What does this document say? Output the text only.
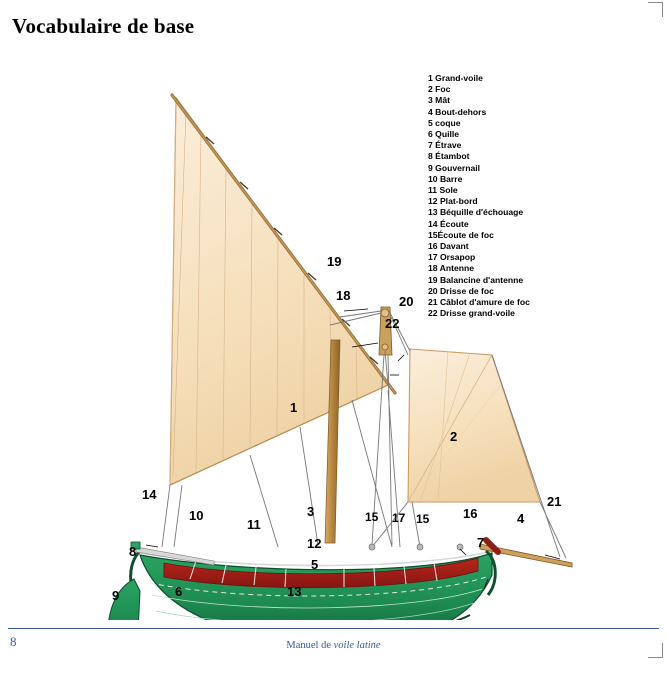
Vocabulaire de base
1 Grand-voile
2 Foc
3 Mât
4 Bout-dehors
5 coque
6 Quille
7 Étrave
8 Étambot
9 Gouvernail
10 Barre
11 Sole
12 Plat-bord
13 Béquille d'échouage
14 Écoute
15Écoute de foc
16 Davant
17 Orsapop
18 Antenne
19 Balancine d'antenne
20 Drisse de foc
21 Câblot d'amure de foc
22 Drisse grand-voile
1
2
3	4
5
6
7
8
9
10
11
12
13
14
15	15	16
17
18
19
20
21
22
8	Manuel de voile latine
